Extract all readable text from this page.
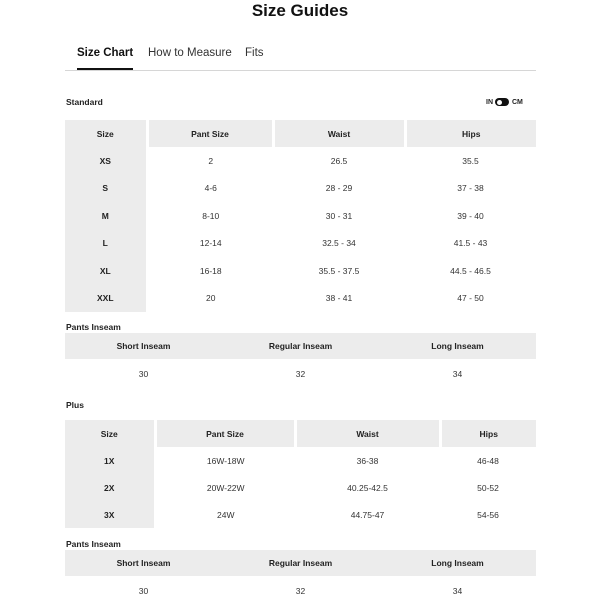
Size Guides
Size Chart How to Measure Fits
Standard	IN	CM
Size	Pant Size	Waist	Hips
XS	2	26.5	35.5
S	4-6	28 - 29	37 - 38
M	8-10	30 - 31	39 - 40
L	12-14	32.5 - 34	41.5 - 43
XL	16-18	35.5 - 37.5	44.5 - 46.5
XXL	20	38 - 41	47 - 50
Pants Inseam
Short Inseam	Regular Inseam	Long Inseam
30	32	34
Plus
Size	Pant Size	Waist	Hips
1X	16W-18W	36-38	46-48
2X	20W-22W	40.25-42.5	50-52
3X	24W	44.75-47	54-56
Pants Inseam
Short Inseam	Regular Inseam	Long Inseam
30	32	34
